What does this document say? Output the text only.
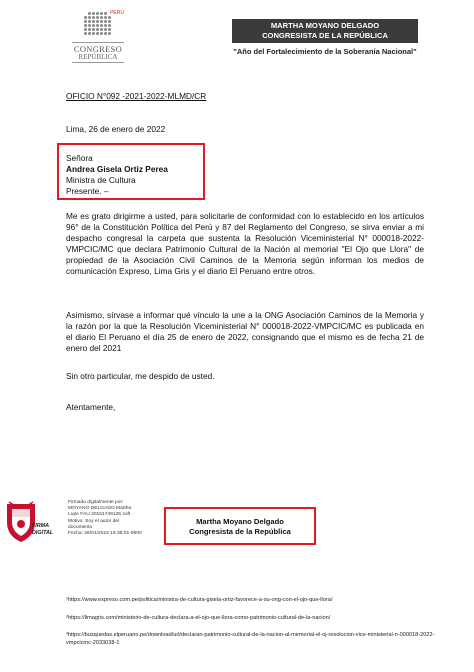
PERÚ
CONGRESO
REPÚBLICA
MARTHA MOYANO DELGADO
CONGRESISTA DE LA REPÚBLICA
"Año del Fortalecimiento de la Soberanía Nacional"
OFICIO N°092 -2021-2022-MLMD/CR
Lima, 26 de enero de 2022
Señora
Andrea Gisela Ortiz Perea
Ministra de Cultura
Presente. –
Me es grato dirigirme a usted, para solicitarle de conformidad con lo establecido en los artículos 96° de la Constitución Política del Perú y 87 del Reglamento del Congreso, se sirva enviar a mi despacho congresal la carpeta que sustenta la Resolución Viceministerial N° 000018-2022-VMPCIC/MC que declara Patrimonio Cultural de la Nación al memorial "El Ojo que Llora" de propiedad de la Asociación Civil Caminos de la Memoria según informan los medios de comunicación Expreso, Lima Gris y el diario El Peruano entre otros.
Asimismo, sírvase a informar qué vínculo la une a la ONG Asociación Caminos de la Memoria y la razón por la que la Resolución Viceministerial N° 000018-2022-VMPCIC/MC es publicada en el diario El Peruano el día 25 de enero de 2022, consignando que el mismo es de fecha 21 de enero del 2021
Sin otro particular, me despido de usted.
Atentamente,
FIRMA
DIGITAL
Firmado digitalmente por:
MOYANO DELGADO Martha
Lupe FAU 20161749126 soft
Motivo: Soy el autor del
documento
Fecha: 26/01/2022 16:35:01-0500
Martha Moyano Delgado
Congresista de la República
¹https://www.expreso.com.pe/politica/ministra-de-cultura-gisela-ortiz-favorece-a-su-ong-con-el-ojo-que-llora/
²https://limagris.com/ministerio-de-cultura-declara-a-el-ojo-que-llora-como-patrimonio-cultural-de-la-nacion/
³https://busquedas.elperuano.pe/download/url/declaran-patrimonio-cultural-de-la-nacion-al-memorial-el-oj-resolucion-vice-ministerial-n-000018-2022-vmpcicmc-2033038-1
